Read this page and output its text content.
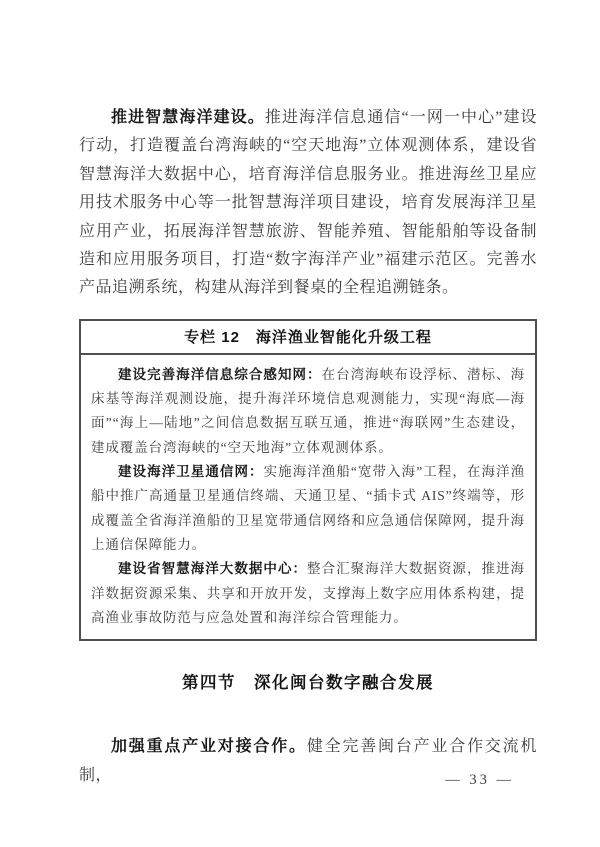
推进智慧海洋建设。推进海洋信息通信“一网一中心”建设行动，打造覆盖台湾海峡的“空天地海”立体观测体系，建设省智慧海洋大数据中心，培育海洋信息服务业。推进海丝卫星应用技术服务中心等一批智慧海洋项目建设，培育发展海洋卫星应用产业，拓展海洋智慧旅游、智能养殖、智能船舶等设备制造和应用服务项目，打造“数字海洋产业”福建示范区。完善水产品追溯系统，构建从海洋到餐桌的全程追溯链条。

专栏 12　海洋渔业智能化升级工程

建设完善海洋信息综合感知网：在台湾海峡布设浮标、潜标、海床基等海洋观测设施，提升海洋环境信息观测能力，实现“海底—海面”“海上—陆地”之间信息数据互联互通，推进“海联网”生态建设，建成覆盖台湾海峡的“空天地海”立体观测体系。

建设海洋卫星通信网：实施海洋渔船“宽带入海”工程，在海洋渔船中推广高通量卫星通信终端、天通卫星、“插卡式 AIS”终端等，形成覆盖全省海洋渔船的卫星宽带通信网络和应急通信保障网，提升海上通信保障能力。

建设省智慧海洋大数据中心：整合汇聚海洋大数据资源，推进海洋数据资源采集、共享和开放开发，支撑海上数字应用体系构建，提高渔业事故防范与应急处置和海洋综合管理能力。

第四节　深化闽台数字融合发展

加强重点产业对接合作。健全完善闽台产业合作交流机制，	— 33 —
